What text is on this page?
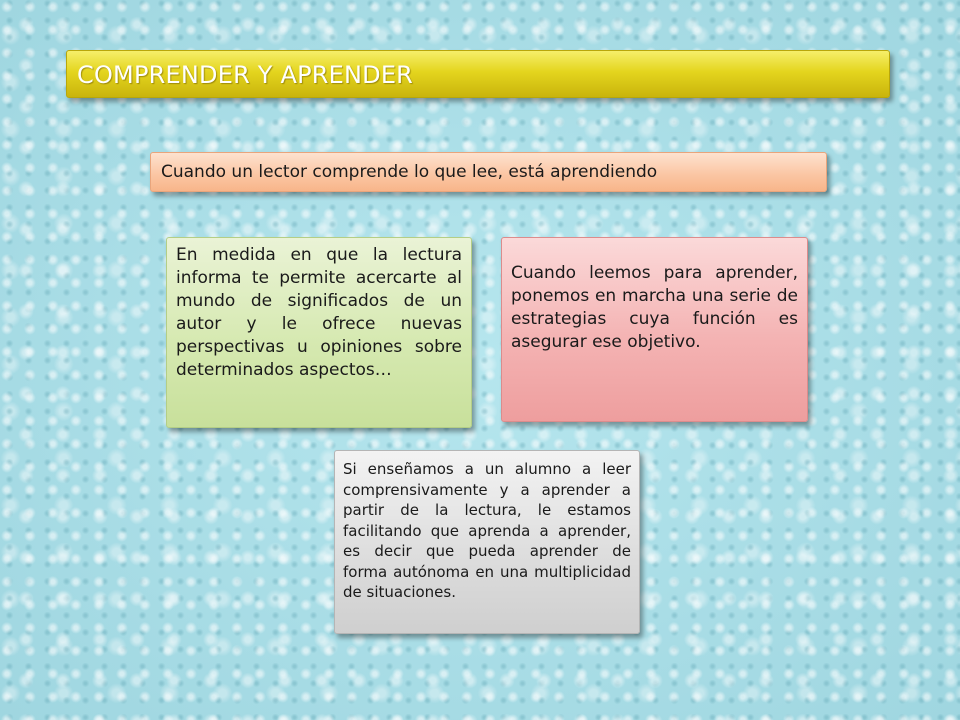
COMPRENDER Y APRENDER
Cuando un lector comprende lo que lee, está aprendiendo
En medida en que la lectura informa te permite acercarte al mundo de significados de un autor y le ofrece nuevas perspectivas u opiniones sobre determinados aspectos…
Cuando leemos para aprender, ponemos en marcha una serie de estrategias cuya función es asegurar ese objetivo.
Si enseñamos a un alumno a leer comprensivamente y a aprender a partir de la lectura, le estamos facilitando que aprenda a aprender, es decir que pueda aprender de forma autónoma en una multiplicidad de situaciones.
